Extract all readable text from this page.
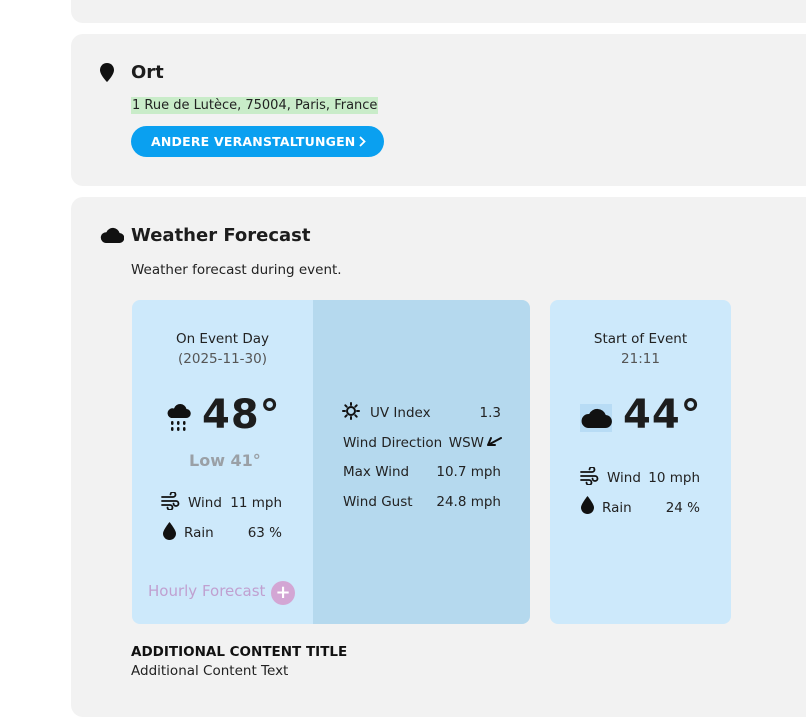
Ort
1 Rue de Lutèce, 75004, Paris, France
ANDERE VERANSTALTUNGEN
Weather Forecast
Weather forecast during event.
On Event Day
(2025-11-30)
48°
Low 41°
Wind 11 mph
Rain	63 %
Hourly Forecast +
UV Index	1.3
Wind Direction WSW
Max Wind	10.7 mph
Wind Gust	24.8 mph
Start of Event
21:11
44°
Wind 10 mph
Rain	24 %
ADDITIONAL CONTENT TITLE
Additional Content Text
